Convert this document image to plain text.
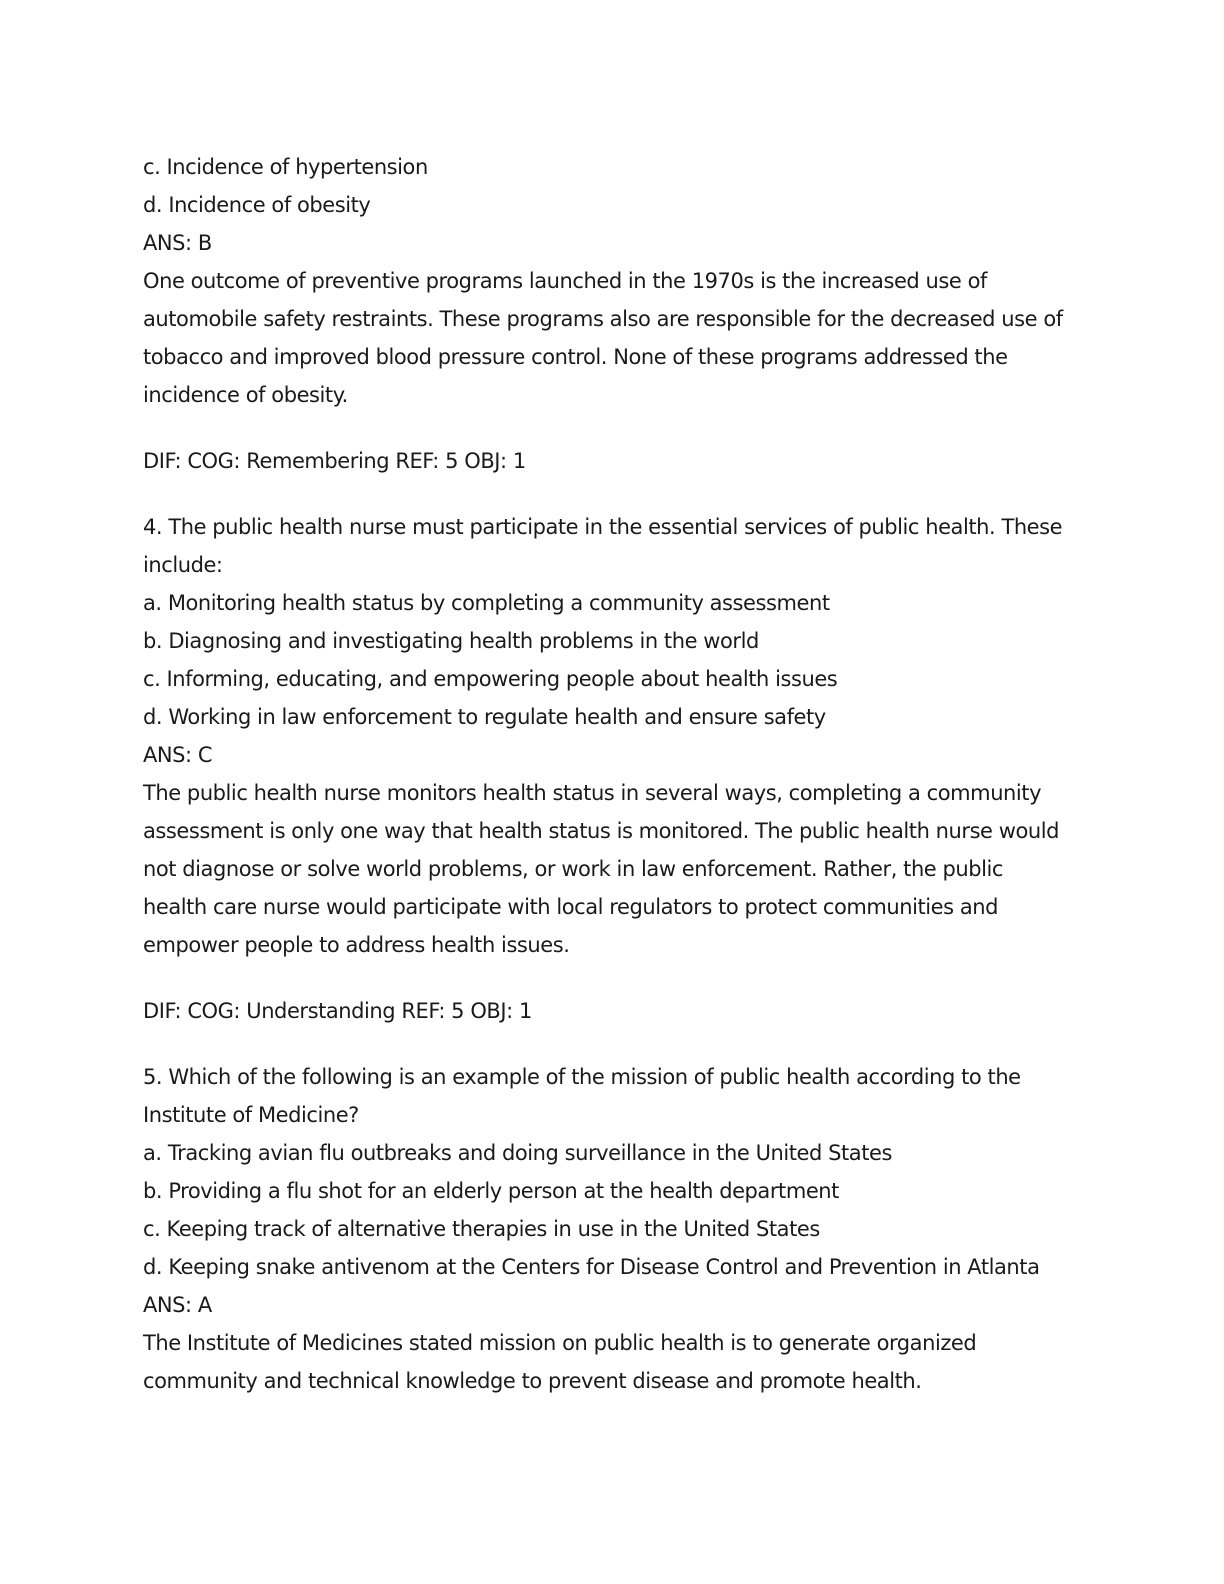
c. Incidence of hypertension

d. Incidence of obesity

ANS: B

One outcome of preventive programs launched in the 1970s is the increased use of

automobile safety restraints. These programs also are responsible for the decreased use of

tobacco and improved blood pressure control. None of these programs addressed the

incidence of obesity.

DIF: COG: Remembering REF: 5 OBJ: 1

4. The public health nurse must participate in the essential services of public health. These

include:

a. Monitoring health status by completing a community assessment

b. Diagnosing and investigating health problems in the world

c. Informing, educating, and empowering people about health issues

d. Working in law enforcement to regulate health and ensure safety

ANS: C

The public health nurse monitors health status in several ways, completing a community

assessment is only one way that health status is monitored. The public health nurse would

not diagnose or solve world problems, or work in law enforcement. Rather, the public

health care nurse would participate with local regulators to protect communities and

empower people to address health issues.

DIF: COG: Understanding REF: 5 OBJ: 1

5. Which of the following is an example of the mission of public health according to the

Institute of Medicine?

a. Tracking avian flu outbreaks and doing surveillance in the United States

b. Providing a flu shot for an elderly person at the health department

c. Keeping track of alternative therapies in use in the United States

d. Keeping snake antivenom at the Centers for Disease Control and Prevention in Atlanta

ANS: A

The Institute of Medicines stated mission on public health is to generate organized

community and technical knowledge to prevent disease and promote health.
